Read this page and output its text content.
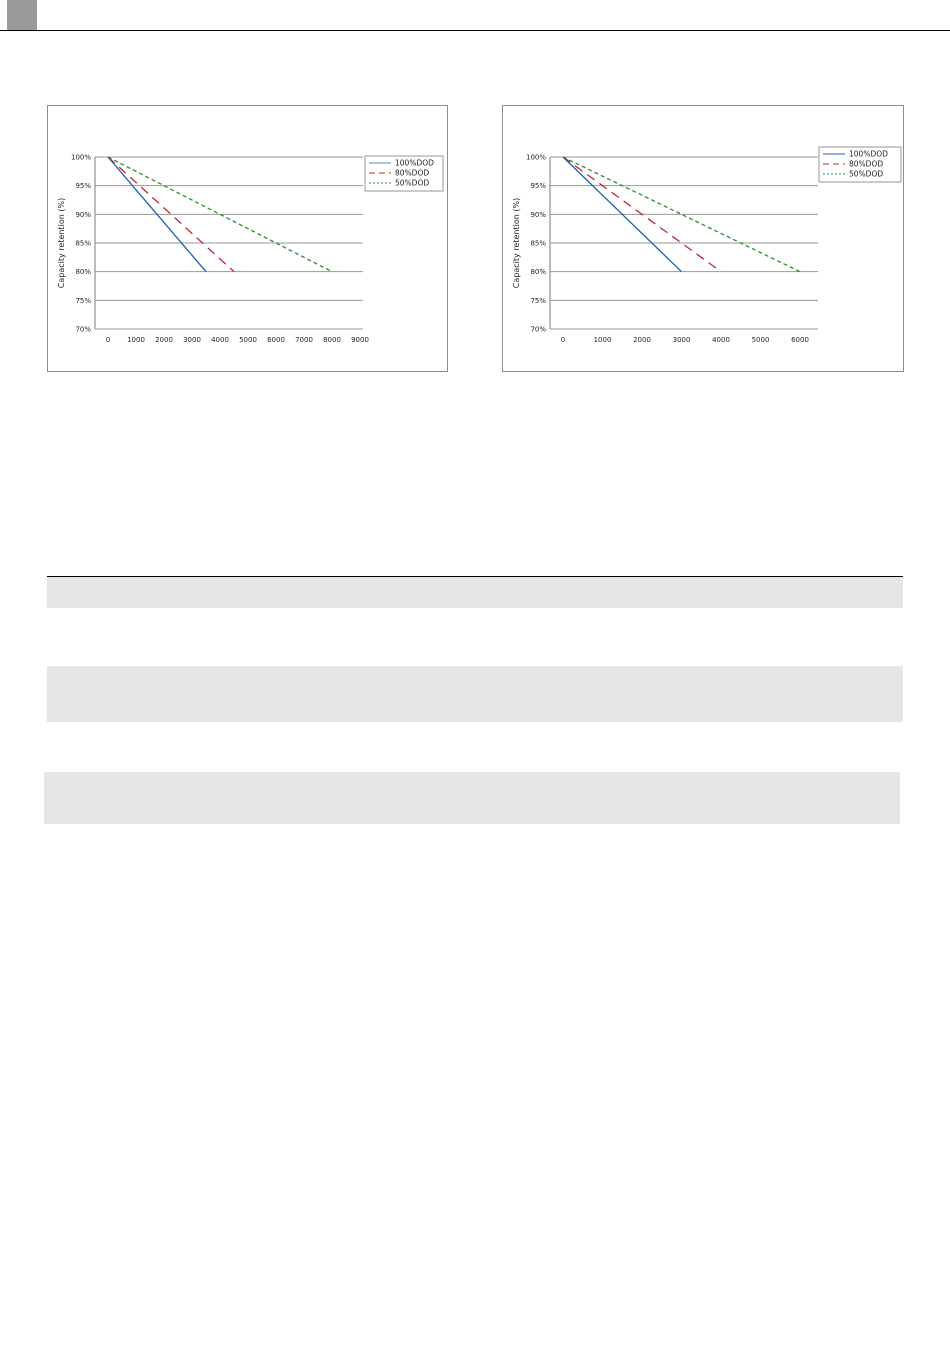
100%
95%
90%
85%
80%
75%
70%
0 1000 2000 3000 4000 5000 6000 7000 8000 9000
Capacity retention (%)
100%DOD
80%DOD
50%DOD
100%
95%
90%
85%
80%
75%
70%
0	1000	2000	3000	4000	5000	6000
Capacity retention (%)
100%DOD
80%DOD
50%DOD
